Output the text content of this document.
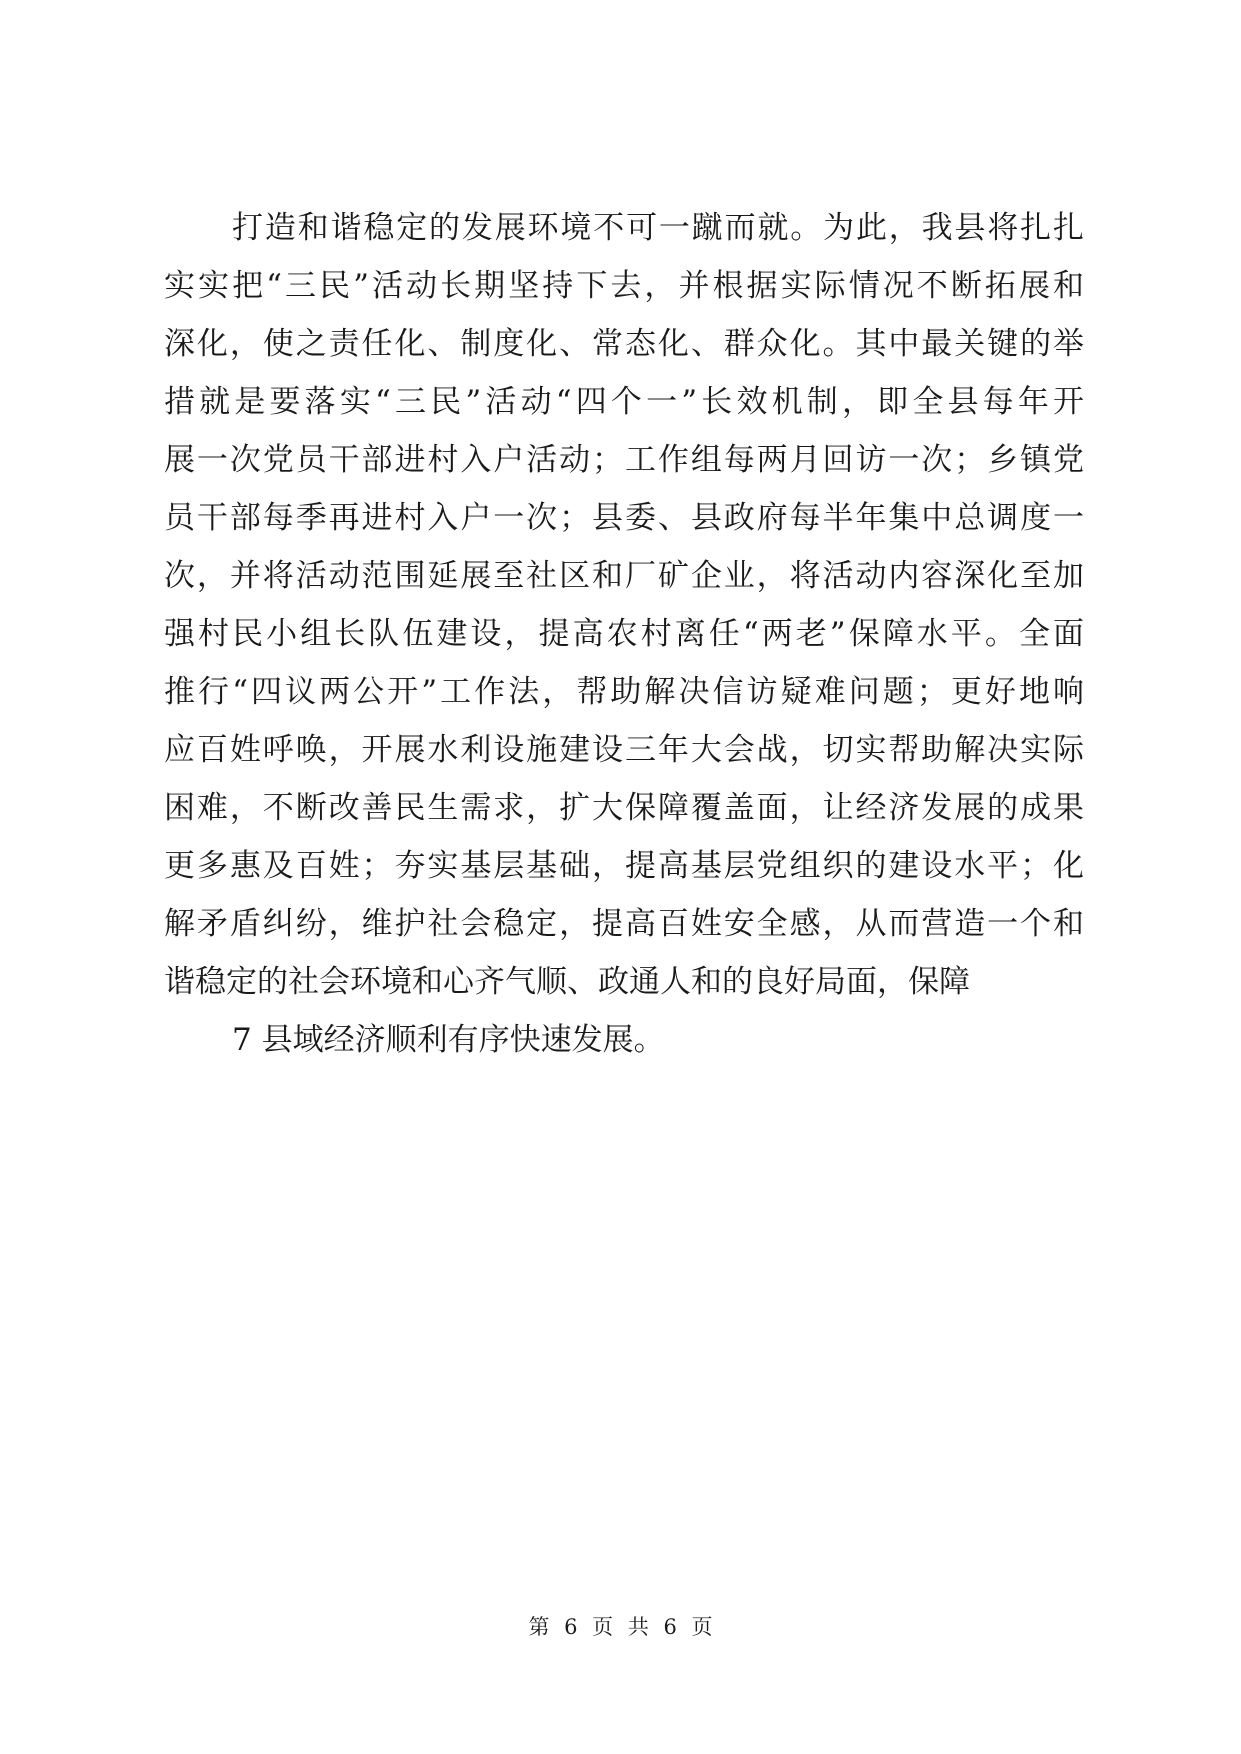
打造和谐稳定的发展环境不可一蹴而就。为此，我县将扎扎
实实把“三民”活动长期坚持下去，并根据实际情况不断拓展和
深化，使之责任化、制度化、常态化、群众化。其中最关键的举
措就是要落实“三民”活动“四个一”长效机制，即全县每年开
展一次党员干部进村入户活动；工作组每两月回访一次；乡镇党
员干部每季再进村入户一次；县委、县政府每半年集中总调度一
次，并将活动范围延展至社区和厂矿企业，将活动内容深化至加
强村民小组长队伍建设，提高农村离任“两老”保障水平。全面
推行“四议两公开”工作法，帮助解决信访疑难问题；更好地响
应百姓呼唤，开展水利设施建设三年大会战，切实帮助解决实际
困难，不断改善民生需求，扩大保障覆盖面，让经济发展的成果
更多惠及百姓；夯实基层基础，提高基层党组织的建设水平；化
解矛盾纠纷，维护社会稳定，提高百姓安全感，从而营造一个和
谐稳定的社会环境和心齐气顺、政通人和的良好局面，保障
7 县域经济顺利有序快速发展。
第 6 页 共 6 页
